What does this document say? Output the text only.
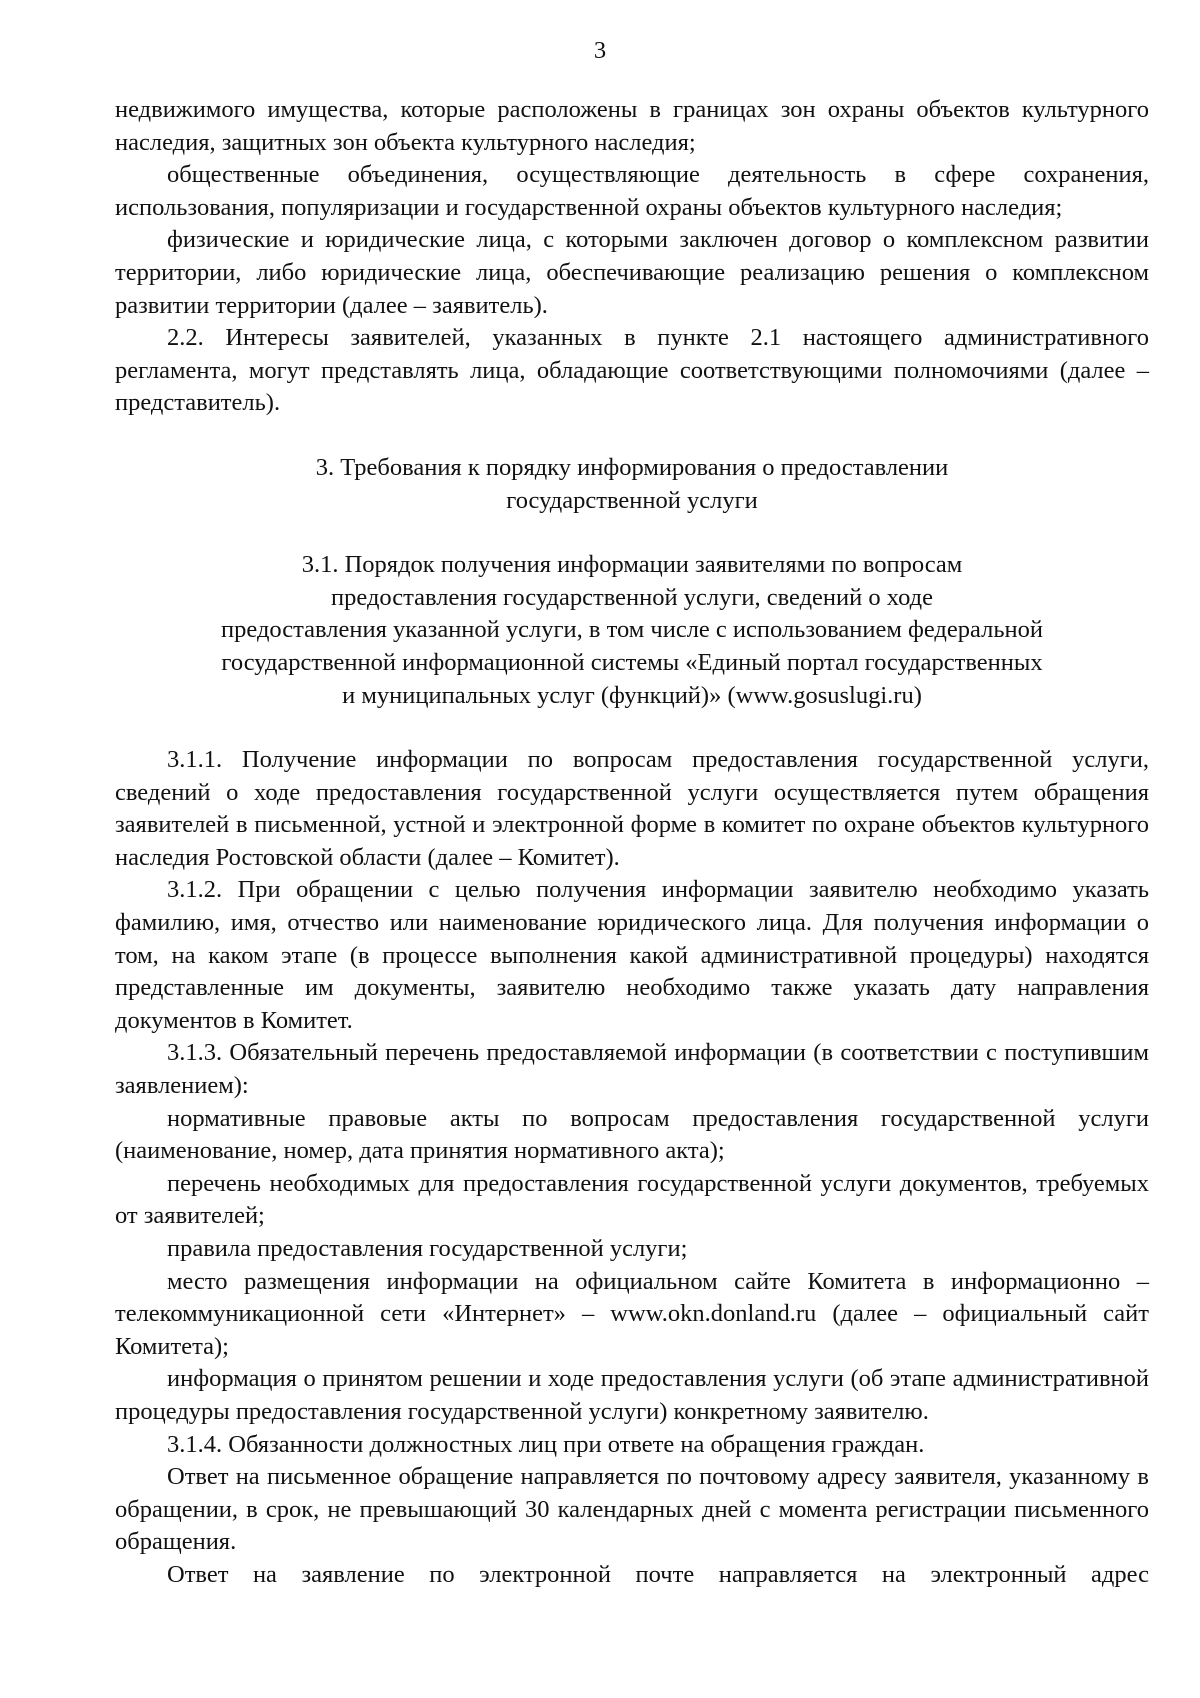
3

недвижимого имущества, которые расположены в границах зон охраны объектов культурного наследия, защитных зон объекта культурного наследия;

общественные объединения, осуществляющие деятельность в сфере сохранения, использования, популяризации и государственной охраны объектов культурного наследия;

физические и юридические лица, с которыми заключен договор о комплексном развитии территории, либо юридические лица, обеспечивающие реализацию решения о комплексном развитии территории (далее – заявитель).

2.2. Интересы заявителей, указанных в пункте 2.1 настоящего административного регламента, могут представлять лица, обладающие соответствующими полномочиями (далее – представитель).

3. Требования к порядку информирования о предоставлении
государственной услуги
3.1. Порядок получения информации заявителями по вопросам
предоставления государственной услуги, сведений о ходе
предоставления указанной услуги, в том числе с использованием федеральной
государственной информационной системы «Единый портал государственных
и муниципальных услуг (функций)» (www.gosuslugi.ru)

3.1.1. Получение информации по вопросам предоставления государственной услуги, сведений о ходе предоставления государственной услуги осуществляется путем обращения заявителей в письменной, устной и электронной форме в комитет по охране объектов культурного наследия Ростовской области (далее – Комитет).

3.1.2. При обращении с целью получения информации заявителю необходимо указать фамилию, имя, отчество или наименование юридического лица. Для получения информации о том, на каком этапе (в процессе выполнения какой административной процедуры) находятся представленные им документы, заявителю необходимо также указать дату направления документов в Комитет.

3.1.3. Обязательный перечень предоставляемой информации (в соответствии с поступившим заявлением):

нормативные правовые акты по вопросам предоставления государственной услуги (наименование, номер, дата принятия нормативного акта);

перечень необходимых для предоставления государственной услуги документов, требуемых от заявителей;

правила предоставления государственной услуги;

место размещения информации на официальном сайте Комитета в информационно – телекоммуникационной сети «Интернет» – www.okn.donland.ru (далее – официальный сайт Комитета);

информация о принятом решении и ходе предоставления услуги (об этапе административной процедуры предоставления государственной услуги) конкретному заявителю.

3.1.4. Обязанности должностных лиц при ответе на обращения граждан.

Ответ на письменное обращение направляется по почтовому адресу заявителя, указанному в обращении, в срок, не превышающий 30 календарных дней с момента регистрации письменного обращения.

Ответ на заявление по электронной почте направляется на электронный адрес
